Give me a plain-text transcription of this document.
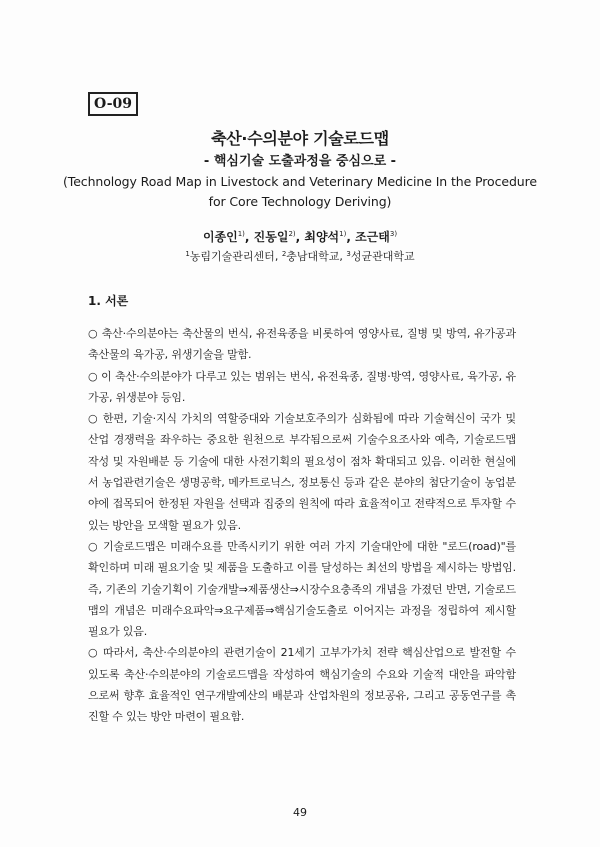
O-09
축산·수의분야 기술로드맵
- 핵심기술 도출과정을 중심으로 -
(Technology Road Map in Livestock and Veterinary Medicine In the Procedure
for Core Technology Deriving)
이종인$^{1)}$, 진동일$^{2)}$, 최양석$^{1)}$, 조근태$^{3)}$
$^1$농림기술관리센터, $^2$충남대학교, $^3$성균관대학교
1. 서론

○ 축산·수의분야는 축산물의 번식, 유전육종을 비롯하여 영양사료, 질병 및 방역, 유가공과 축산물의 육가공, 위생기술을 말함.

○ 이 축산·수의분야가 다루고 있는 범위는 번식, 유전육종, 질병·방역, 영양사료, 육가공, 유가공, 위생분야 등임.

○ 한편, 기술·지식 가치의 역할증대와 기술보호주의가 심화됨에 따라 기술혁신이 국가 및 산업 경쟁력을 좌우하는 중요한 원천으로 부각됨으로써 기술수요조사와 예측, 기술로드맵 작성 및 자원배분 등 기술에 대한 사전기획의 필요성이 점차 확대되고 있음. 이러한 현실에서 농업관련기술은 생명공학, 메카트로닉스, 정보통신 등과 같은 분야의 첨단기술이 농업분야에 접목되어 한정된 자원을 선택과 집중의 원칙에 따라 효율적이고 전략적으로 투자할 수 있는 방안을 모색할 필요가 있음.

○ 기술로드맵은 미래수요를 만족시키기 위한 여러 가지 기술대안에 대한 "로드(road)"를 확인하며 미래 필요기술 및 제품을 도출하고 이를 달성하는 최선의 방법을 제시하는 방법임. 즉, 기존의 기술기획이 기술개발⇒제품생산⇒시장수요충족의 개념을 가졌던 반면, 기술로드맵의 개념은 미래수요파악⇒요구제품⇒핵심기술도출로 이어지는 과정을 정립하여 제시할 필요가 있음.

○ 따라서, 축산·수의분야의 관련기술이 21세기 고부가가치 전략 핵심산업으로 발전할 수 있도록 축산·수의분야의 기술로드맵을 작성하여 핵심기술의 수요와 기술적 대안을 파악함으로써 향후 효율적인 연구개발예산의 배분과 산업차원의 정보공유, 그리고 공동연구를 촉진할 수 있는 방안 마련이 필요함.

49
